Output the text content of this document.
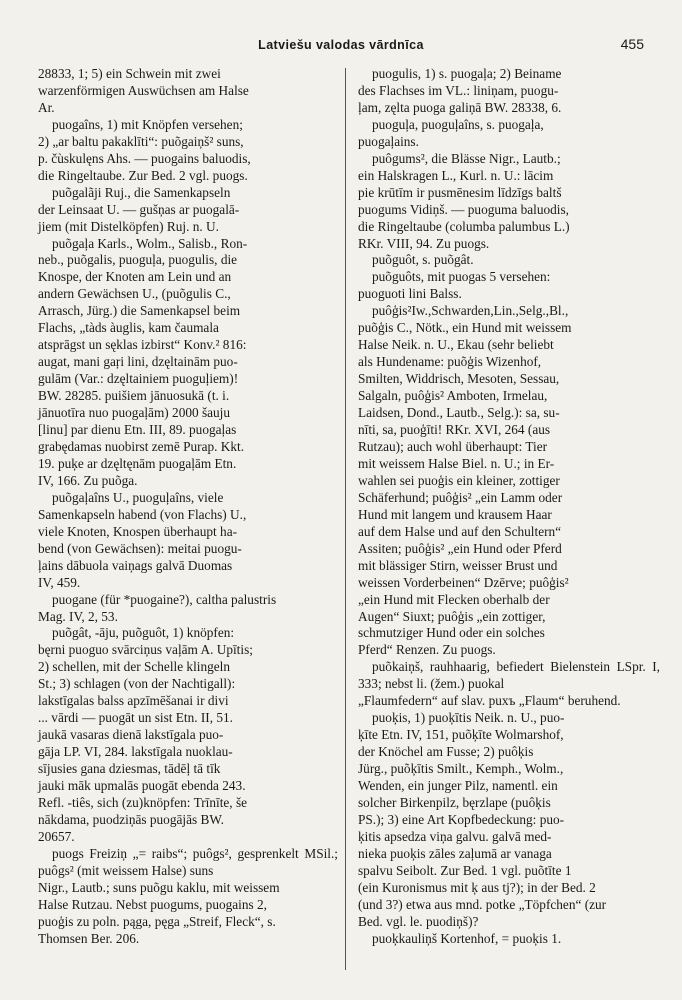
Latviešu valodas vārdnīca	455
28833, 1; 5) ein Schwein mit zwei
warzenförmigen Auswüchsen am Halse
Ar.
puogaîns, 1) mit Knöpfen versehen;
2) „ar baltu pakaklīti“: puõgaiņš² suns,
p. čùskulęns Ahs. — puogains baluodis,
die Ringeltaube. Zur Bed. 2 vgl. puogs.
puõgalãji Ruj., die Samenkapseln
der Leinsaat U. — gušņas ar puogalā-
jiem (mit Distelköpfen) Ruj. n. U.
puõgaļa Karls., Wolm., Salisb., Ron-
neb., puõgalis, puoguļa, puogulis, die
Knospe, der Knoten am Lein und an
andern Gewächsen U., (puõgulis C.,
Arrasch, Jürg.) die Samenkapsel beim
Flachs, „tàds àuglis, kam čaumala
atsprāgst un sęklas izbirst“ Konv.² 816:
augat, mani gaŗi lini, dzęltainām puo-
gulām (Var.: dzęltainiem puoguļiem)!
BW. 28285. puišiem jānuosukā (t. i.
jānuotīrа nuo puogaļām) 2000 šauju
[linu] par dienu Etn. III, 89. puogaļas
grabędamas nuobirst zemē Purap. Kkt.
19. puķe ar dzęltęnām puogaļām Etn.
IV, 166. Zu puõga.
puõgaļaîns U., puoguļaîns, viele
Samenkapseln habend (von Flachs) U.,
viele Knoten, Knospen überhaupt ha-
bend (von Gewächsen): meitai puogu-
ļains dābuola vaiņags galvā Duomas
IV, 459.
puogane (für *puogaine?), caltha palustris
Mag. IV, 2, 53.
puõgât, -āju, puõguôt, 1) knöpfen:
bęrni puoguo svārciņus vaļām A. Upītis;
2) schellen, mit der Schelle klingeln
St.; 3) schlagen (von der Nachtigall):
lakstīgalas balss apzīmēšanai ir divi
... vārdi — puogāt un sist Etn. II, 51.
jaukā vasaras dienā lakstīgala puo-
gāja LP. VI, 284. lakstīgala nuoklau-
sījusies gana dziesmas, tādēļ tā tīk
jauki māk upmalās puogāt ebenda 243.
Refl. -tiês, sich (zu)knöpfen: Trīnīte, še
nākdama, puodziņās puogājās BW.
20657.
puogs Freiziņ „= raibs“; puôgs², gesprenkelt MSil.; puôgs² (mit weissem Halse) suns
Nigr., Lautb.; suns puõgu kaklu, mit weissem
Halse Rutzau. Nebst puogums, puogains 2,
puoģis zu poln. pąga, pęga „Streif, Fleck“, s.
Thomsen Ber. 206.
puogulis, 1) s. puogaļa; 2) Beiname
des Flachses im VL.: liniņam, puogu-
ļam, zęlta puoga galiņā BW. 28338, 6.
puoguļa, puoguļaîns, s. puogaļa,
puogaļains.
puôgums², die Blässe Nigr., Lautb.;
ein Halskragen L., Kurl. n. U.: lācim
pie krūtīm ir pusmēnesim līdzīgs baltš
puogums Vidiņš. — puoguma baluodis,
die Ringeltaube (columba palumbus L.)
RKr. VIII, 94. Zu puogs.
puõguôt, s. puõgât.
puõguôts, mit puogas 5 versehen:
puoguoti lini Balss.
puôģis²Iw.,Schwarden,Lin.,Selg.,Bl.,
puõģis C., Nötk., ein Hund mit weissem
Halse Neik. n. U., Ekau (sehr beliebt
als Hundename: puõģis Wizenhof,
Smilten, Widdrisch, Mesoten, Sessau,
Salgaln, puôģis² Amboten, Irmelau,
Laidsen, Dond., Lautb., Selg.): sa, su-
nīti, sa, puoģīti! RKr. XVI, 264 (aus
Rutzau); auch wohl überhaupt: Tier
mit weissem Halse Biel. n. U.; in Er-
wahlen sei puoģis ein kleiner, zottiger
Schäferhund; puôģis² „ein Lamm oder
Hund mit langem und krausem Haar
auf dem Halse und auf den Schultern“
Assiten; puôģis² „ein Hund oder Pferd
mit blässiger Stirn, weisser Brust und
weissen Vorderbeinen“ Dzērve; puôģis²
„ein Hund mit Flecken oberhalb der
Augen“ Siuxt; puôģis „ein zottiger,
schmutziger Hund oder ein solches
Pferd“ Renzen. Zu puogs.
puõkaiņš, rauhhaarig, befiedert Bielenstein LSpr. I, 333; nebst li. (žem.) puokal
„Flaumfedern“ auf slav. puxъ „Flaum“ beruhend.
puoķis, 1) puoķītis Neik. n. U., puo-
ķīte Etn. IV, 151, puõķīte Wolmarshof,
der Knöchel am Fusse; 2) puôķis
Jürg., puõķītis Smilt., Kemph., Wolm.,
Wenden, ein junger Pilz, namentl. ein
solcher Birkenpilz, bęrzlape (puôķis
PS.); 3) eine Art Kopfbedeckung: puo-
ķitis apsedza viņa galvu. galvā med-
nieka puoķis zāles zaļumā ar vanaga
spalvu Seibolt. Zur Bed. 1 vgl. puõtīte 1
(ein Kuronismus mit ķ aus tj?); in der Bed. 2
(und 3?) etwa aus mnd. potke „Töpfchen“ (zur
Bed. vgl. le. puodiņš)?
puoķkauliņš Kortenhof, = puoķis 1.
